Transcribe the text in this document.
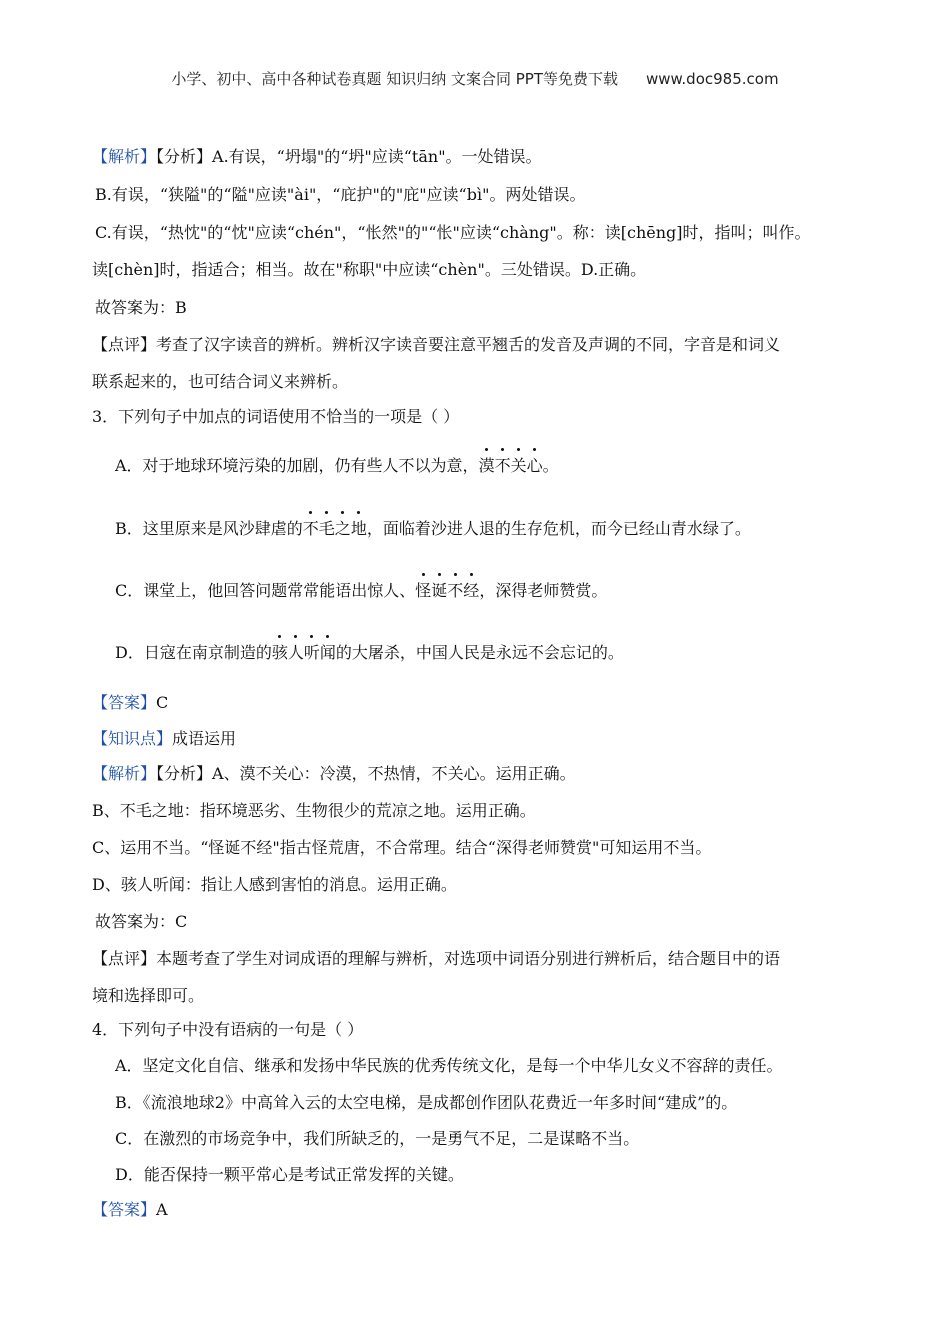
小学、初中、高中各种试卷真题 知识归纳 文案合同 PPT等免费下载 www.doc985.com
【解析】【分析】A.有误，“坍塌"的“坍"应读“tān"。一处错误。
B.有误，“狭隘"的“隘"应读"ài"，“庇护"的"庇"应读“bì"。两处错误。
C.有误，“热忱"的“忱"应读“chén"，“怅然"的"“怅"应读“chàng"。称：读[chēng]时，指叫；叫作。
读[chèn]时，指适合；相当。故在"称职"中应读“chèn"。三处错误。D.正确。
故答案为：B
【点评】考查了汉字读音的辨析。辨析汉字读音要注意平翘舌的发音及声调的不同，字音是和词义
联系起来的，也可结合词义来辨析。
3．下列句子中加点的词语使用不恰当的一项是（ ）
A．对于地球环境污染的加剧，仍有些人不以为意，漠不关心。
B．这里原来是风沙肆虐的不毛之地，面临着沙进人退的生存危机，而今已经山青水绿了。
C．课堂上，他回答问题常常能语出惊人、怪诞不经，深得老师赞赏。
D．日寇在南京制造的骇人听闻的大屠杀，中国人民是永远不会忘记的。
【答案】C
【知识点】成语运用
【解析】【分析】A、漠不关心：冷漠，不热情，不关心。运用正确。
B、不毛之地：指环境恶劣、生物很少的荒凉之地。运用正确。
C、运用不当。“怪诞不经"指古怪荒唐，不合常理。结合“深得老师赞赏"可知运用不当。
D、骇人听闻：指让人感到害怕的消息。运用正确。
故答案为：C
【点评】本题考查了学生对词成语的理解与辨析，对选项中词语分别进行辨析后，结合题目中的语
境和选择即可。
4．下列句子中没有语病的一句是（ ）
A．坚定文化自信、继承和发扬中华民族的优秀传统文化，是每一个中华儿女义不容辞的责任。
B．《流浪地球2》中高耸入云的太空电梯，是成都创作团队花费近一年多时间“建成”的。
C．在激烈的市场竞争中，我们所缺乏的，一是勇气不足，二是谋略不当。
D．能否保持一颗平常心是考试正常发挥的关键。
【答案】A
